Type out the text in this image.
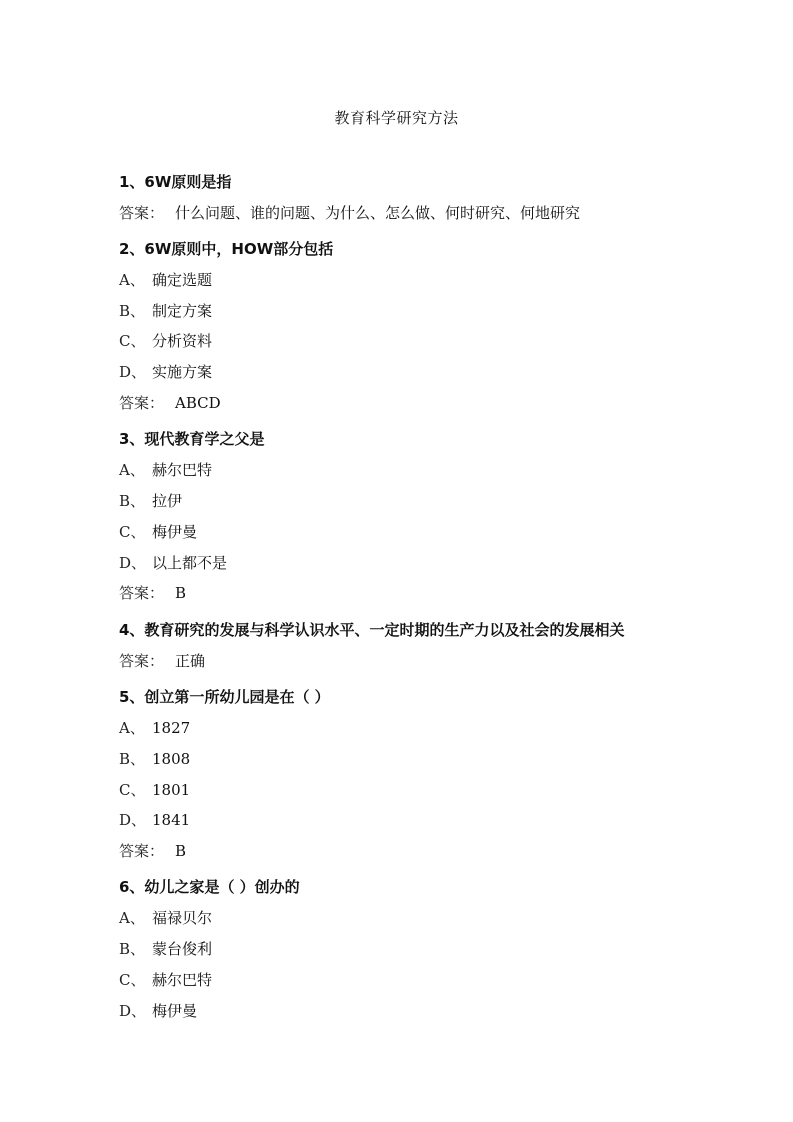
教育科学研究方法
1、6W原则是指
答案： 什么问题、谁的问题、为什么、怎么做、何时研究、何地研究
2、6W原则中，HOW部分包括
A、 确定选题
B、 制定方案
C、 分析资料
D、 实施方案
答案： ABCD
3、现代教育学之父是
A、 赫尔巴特
B、 拉伊
C、 梅伊曼
D、 以上都不是
答案： B
4、教育研究的发展与科学认识水平、一定时期的生产力以及社会的发展相关
答案： 正确
5、创立第一所幼儿园是在（ ）
A、 1827
B、 1808
C、 1801
D、 1841
答案： B
6、幼儿之家是（ ）创办的
A、 福禄贝尔
B、 蒙台俊利
C、 赫尔巴特
D、 梅伊曼
